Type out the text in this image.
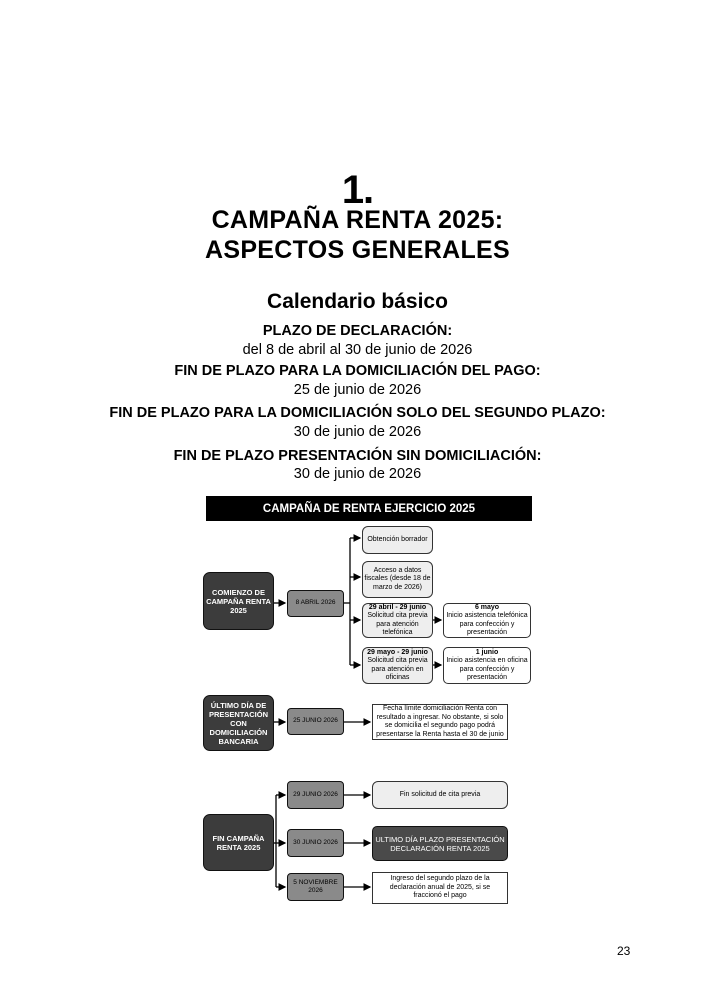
1.
CAMPAÑA RENTA 2025:
ASPECTOS GENERALES
Calendario básico
PLAZO DE DECLARACIÓN:
del 8 de abril al 30 de junio de 2026
FIN DE PLAZO PARA LA DOMICILIACIÓN DEL PAGO:
25 de junio de 2026
FIN DE PLAZO PARA LA DOMICILIACIÓN SOLO DEL SEGUNDO PLAZO:
30 de junio de 2026
FIN DE PLAZO PRESENTACIÓN SIN DOMICILIACIÓN:
30 de junio de 2026
CAMPAÑA DE RENTA EJERCICIO 2025
COMIENZO DE CAMPAÑA RENTA 2025
8 ABRIL 2026
Obtención borrador
Acceso a datos fiscales (desde 18 de marzo de 2026)
29 abril - 29 junio
Solicitud cita previa para atención telefónica
6 mayo
Inicio asistencia telefónica para confección y presentación
29 mayo - 29 junio
Solicitud cita previa para atención en oficinas
1 junio
Inicio asistencia en oficina para confección y presentación
ÚLTIMO DÍA DE PRESENTACIÓN CON DOMICILIACIÓN BANCARIA
25 JUNIO 2026
Fecha límite domiciliación Renta con resultado a ingresar. No obstante, si solo se domicilia el segundo pago podrá presentarse la Renta hasta el 30 de junio
FIN CAMPAÑA RENTA 2025
29 JUNIO 2026	Fin solicitud de cita previa
30 JUNIO 2026	ULTIMO DÍA PLAZO PRESENTACIÓN DECLARACIÓN RENTA 2025
5 NOVIEMBRE 2026
Ingreso del segundo plazo de la declaración anual de 2025, si se fraccionó el pago
23
